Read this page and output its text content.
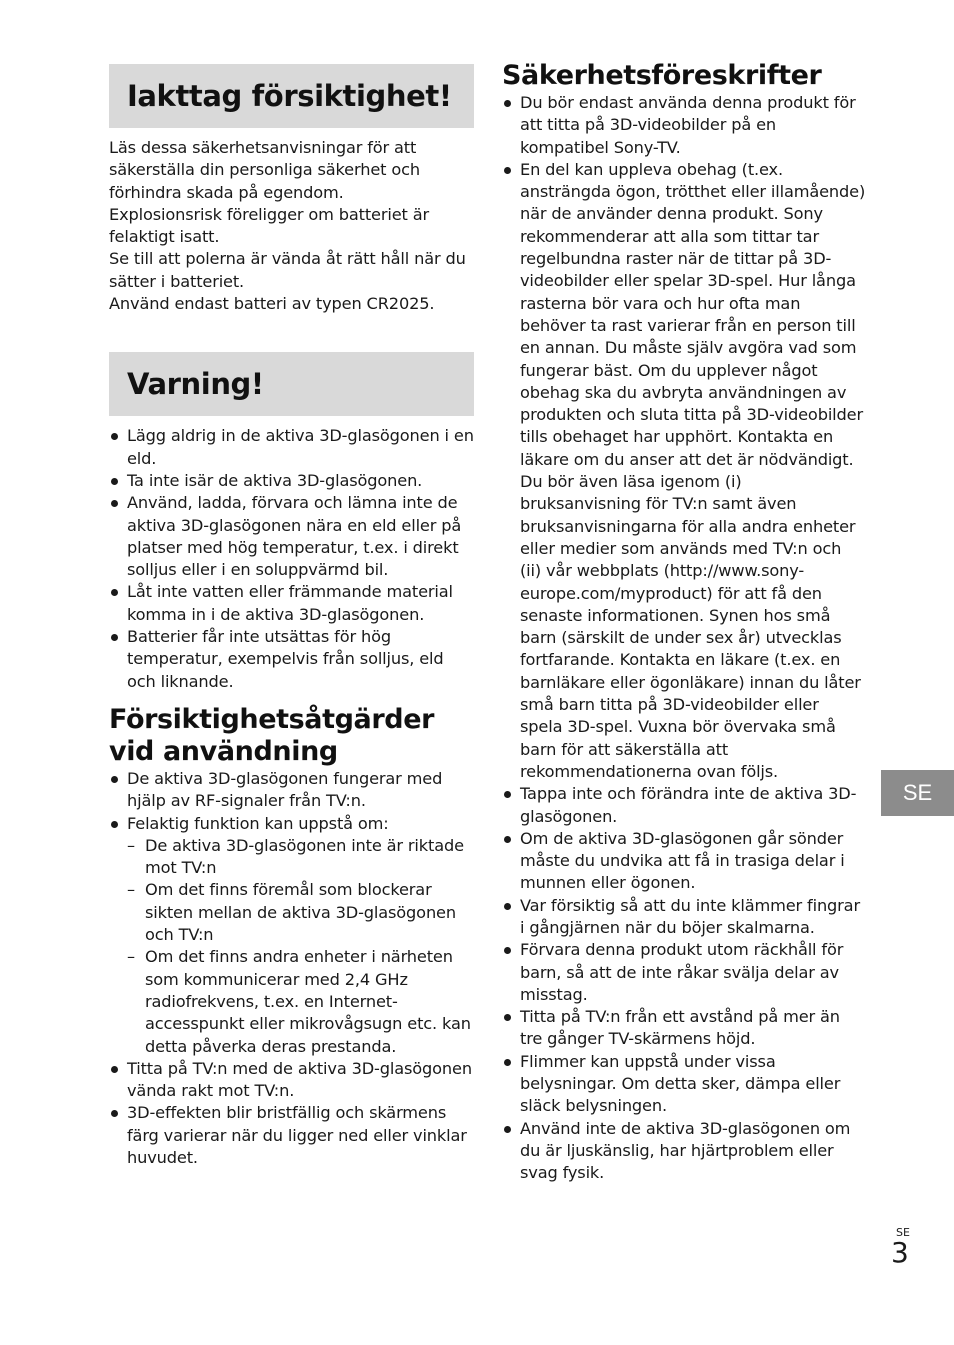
Iakttag försiktighet!

Läs dessa säkerhetsanvisningar för att säkerställa din personliga säkerhet och förhindra skada på egendom.

Explosionsrisk föreligger om batteriet är felaktigt isatt.

Se till att polerna är vända åt rätt håll när du sätter i batteriet.

Använd endast batteri av typen CR2025.

Varning!
Lägg aldrig in de aktiva 3D-glasögonen i en eld.
Ta inte isär de aktiva 3D-glasögonen.
Använd, ladda, förvara och lämna inte de aktiva 3D-glasögonen nära en eld eller på platser med hög temperatur, t.ex. i direkt solljus eller i en soluppvärmd bil.
Låt inte vatten eller främmande material komma in i de aktiva 3D-glasögonen.
Batterier får inte utsättas för hög temperatur, exempelvis från solljus, eld och liknande.
Försiktighetsåtgärder
vid användning
De aktiva 3D-glasögonen fungerar med hjälp av RF-signaler från TV:n.
Felaktig funktion kan uppstå om:
– De aktiva 3D-glasögonen inte är riktade mot TV:n
– Om det finns föremål som blockerar sikten mellan de aktiva 3D-glasögonen och TV:n
– Om det finns andra enheter i närheten som kommunicerar med 2,4 GHz radiofrekvens, t.ex. en Internet-accesspunkt eller mikrovågsugn etc. kan detta påverka deras prestanda.
Titta på TV:n med de aktiva 3D-glasögonen vända rakt mot TV:n.
3D-effekten blir bristfällig och skärmens färg varierar när du ligger ned eller vinklar huvudet.
Säkerhetsföreskrifter
Du bör endast använda denna produkt för att titta på 3D-videobilder på en kompatibel Sony-TV.
En del kan uppleva obehag (t.ex. ansträngda ögon, trötthet eller illamående) när de använder denna produkt. Sony rekommenderar att alla som tittar tar regelbundna raster när de tittar på 3D-videobilder eller spelar 3D-spel. Hur långa rasterna bör vara och hur ofta man behöver ta rast varierar från en person till en annan. Du måste själv avgöra vad som fungerar bäst. Om du upplever något obehag ska du avbryta användningen av produkten och sluta titta på 3D-videobilder tills obehaget har upphört. Kontakta en läkare om du anser att det är nödvändigt. Du bör även läsa igenom (i) bruksanvisning för TV:n samt även bruksanvisningarna för alla andra enheter eller medier som används med TV:n och (ii) vår webbplats (http://www.sony-europe.com/myproduct) för att få den senaste informationen. Synen hos små barn (särskilt de under sex år) utvecklas fortfarande. Kontakta en läkare (t.ex. en barnläkare eller ögonläkare) innan du låter små barn titta på 3D-videobilder eller spela 3D-spel. Vuxna bör övervaka små barn för att säkerställa att rekommendationerna ovan följs.
Tappa inte och förändra inte de aktiva 3D-glasögonen.
Om de aktiva 3D-glasögonen går sönder måste du undvika att få in trasiga delar i munnen eller ögonen.
Var försiktig så att du inte klämmer fingrar i gångjärnen när du böjer skalmarna.
Förvara denna produkt utom räckhåll för barn, så att de inte råkar svälja delar av misstag.
Titta på TV:n från ett avstånd på mer än tre gånger TV-skärmens höjd.
Flimmer kan uppstå under vissa belysningar. Om detta sker, dämpa eller släck belysningen.
Använd inte de aktiva 3D-glasögonen om du är ljuskänslig, har hjärtproblem eller svag fysik.
SE
SE
3
